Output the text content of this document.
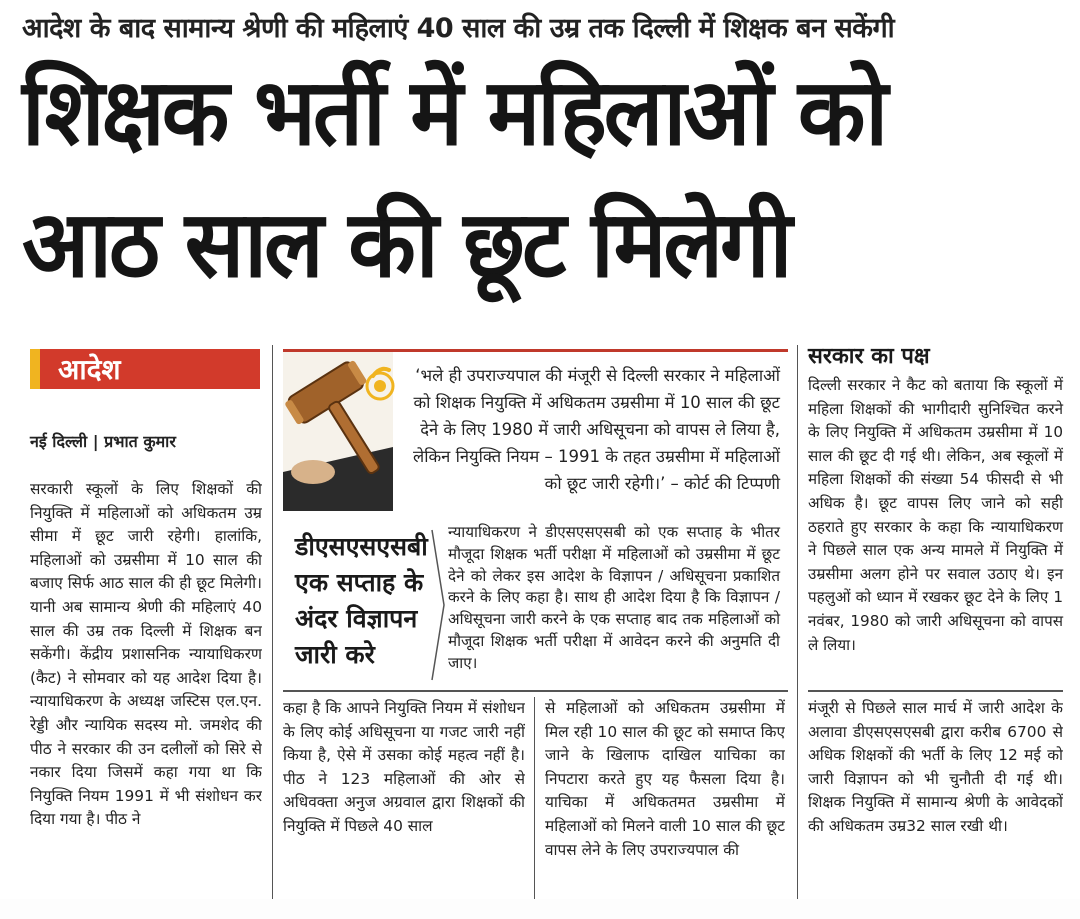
आदेश के बाद सामान्य श्रेणी की महिलाएं 40 साल की उम्र तक दिल्ली में शिक्षक बन सकेंगी
शिक्षक भर्ती में महिलाओं को
आठ साल की छूट मिलेगी
आदेश
नई दिल्ली | प्रभात कुमार
सरकारी स्कूलों के लिए शिक्षकों की नियुक्ति में महिलाओं को अधिकतम उम्र सीमा में छूट जारी रहेगी। हालांकि, महिलाओं को उम्रसीमा में 10 साल की बजाए सिर्फ आठ साल की ही छूट मिलेगी। यानी अब सामान्य श्रेणी की महिलाएं 40 साल की उम्र तक दिल्ली में शिक्षक बन सकेंगी। केंद्रीय प्रशासनिक न्यायाधिकरण (कैट) ने सोमवार को यह आदेश दिया है। न्यायाधिकरण के अध्यक्ष जस्टिस एल.एन. रेड्डी और न्यायिक सदस्य मो. जमशेद की पीठ ने सरकार की उन दलीलों को सिरे से नकार दिया जिसमें कहा गया था कि नियुक्ति नियम 1991 में भी संशोधन कर दिया गया है। पीठ ने
‘भले ही उपराज्यपाल की मंजूरी से दिल्ली सरकार ने महिलाओं को शिक्षक नियुक्ति में अधिकतम उम्रसीमा में 10 साल की छूट देने के लिए 1980 में जारी अधिसूचना को वापस ले लिया है, लेकिन नियुक्ति नियम – 1991 के तहत उम्रसीमा में महिलाओं को छूट जारी रहेगी।’ – कोर्ट की टिप्पणी
डीएसएसएसबी एक सप्ताह के अंदर विज्ञापन जारी करे
न्यायाधिकरण ने डीएसएसएसबी को एक सप्ताह के भीतर मौजूदा शिक्षक भर्ती परीक्षा में महिलाओं को उम्रसीमा में छूट देने को लेकर इस आदेश के विज्ञापन / अधिसूचना प्रकाशित करने के लिए कहा है। साथ ही आदेश दिया है कि विज्ञापन / अधिसूचना जारी करने के एक सप्ताह बाद तक महिलाओं को मौजूदा शिक्षक भर्ती परीक्षा में आवेदन करने की अनुमति दी जाए।
सरकार का पक्ष
दिल्ली सरकार ने कैट को बताया कि स्कूलों में महिला शिक्षकों की भागीदारी सुनिश्चित करने के लिए नियुक्ति में अधिकतम उम्रसीमा में 10 साल की छूट दी गई थी। लेकिन, अब स्कूलों में महिला शिक्षकों की संख्या 54 फीसदी से भी अधिक है। छूट वापस लिए जाने को सही ठहराते हुए सरकार के कहा कि न्यायाधिकरण ने पिछले साल एक अन्य मामले में नियुक्ति में उम्रसीमा अलग होने पर सवाल उठाए थे। इन पहलुओं को ध्यान में रखकर छूट देने के लिए 1 नवंबर, 1980 को जारी अधिसूचना को वापस ले लिया।
कहा है कि आपने नियुक्ति नियम में संशोधन के लिए कोई अधिसूचना या गजट जारी नहीं किया है, ऐसे में उसका कोई महत्व नहीं है। पीठ ने 123 महिलाओं की ओर से अधिवक्ता अनुज अग्रवाल द्वारा शिक्षकों की नियुक्ति में पिछले 40 साल
से महिलाओं को अधिकतम उम्रसीमा में मिल रही 10 साल की छूट को समाप्त किए जाने के खिलाफ दाखिल याचिका का निपटारा करते हुए यह फैसला दिया है। याचिका में अधिकतमत उम्रसीमा में महिलाओं को मिलने वाली 10 साल की छूट वापस लेने के लिए उपराज्यपाल की
मंजूरी से पिछले साल मार्च में जारी आदेश के अलावा डीएसएसएसबी द्वारा करीब 6700 से अधिक शिक्षकों की भर्ती के लिए 12 मई को जारी विज्ञापन को भी चुनौती दी गई थी। शिक्षक नियुक्ति में सामान्य श्रेणी के आवेदकों की अधिकतम उम्र32 साल रखी थी।
